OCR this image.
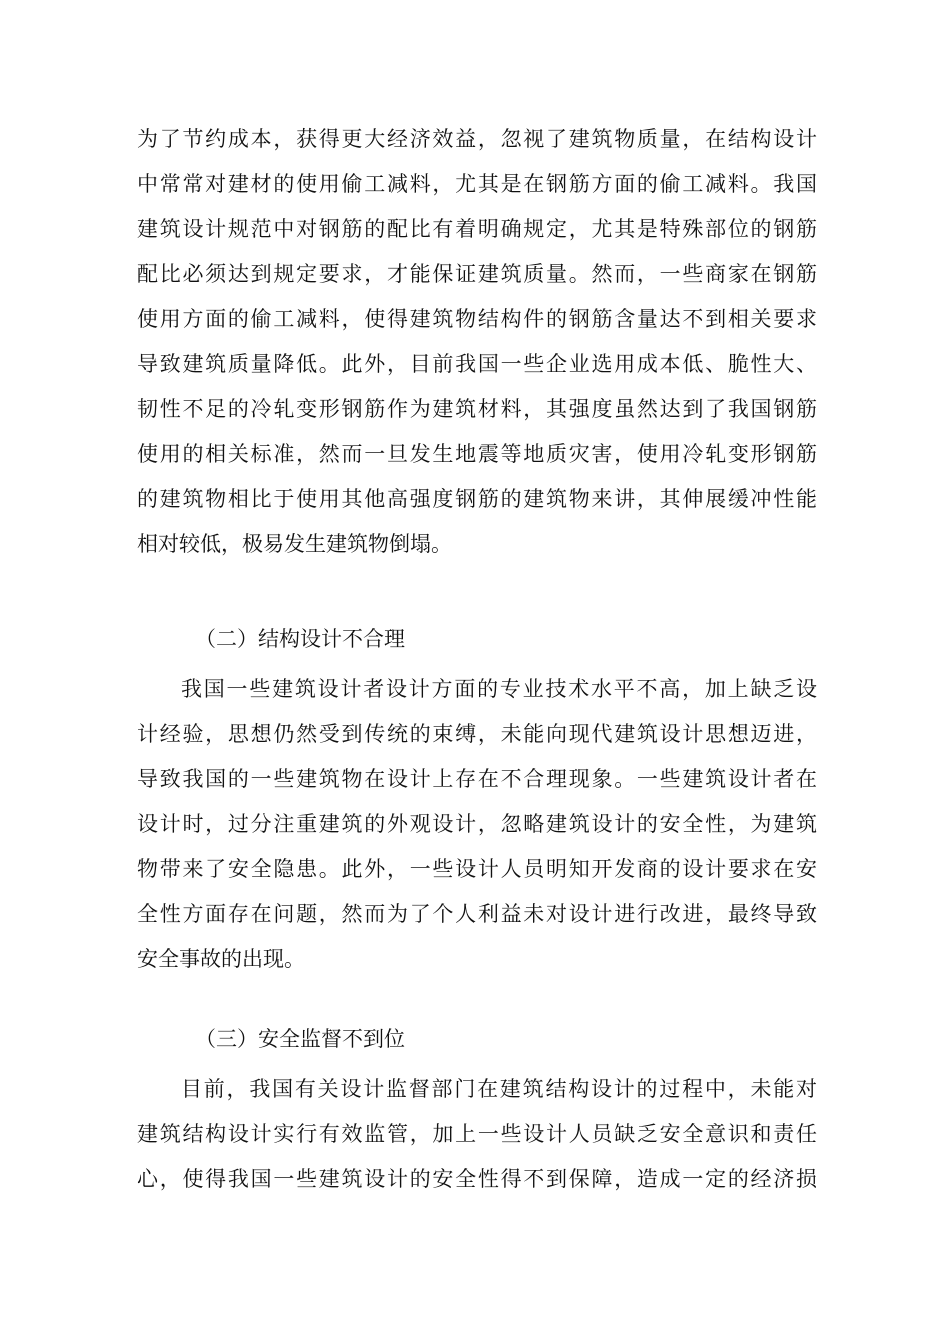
为了节约成本，获得更大经济效益，忽视了建筑物质量，在结构设计
中常常对建材的使用偷工减料，尤其是在钢筋方面的偷工减料。我国
建筑设计规范中对钢筋的配比有着明确规定，尤其是特殊部位的钢筋
配比必须达到规定要求，才能保证建筑质量。然而，一些商家在钢筋
使用方面的偷工减料，使得建筑物结构件的钢筋含量达不到相关要求
导致建筑质量降低。此外，目前我国一些企业选用成本低、脆性大、
韧性不足的冷轧变形钢筋作为建筑材料，其强度虽然达到了我国钢筋
使用的相关标准，然而一旦发生地震等地质灾害，使用冷轧变形钢筋
的建筑物相比于使用其他高强度钢筋的建筑物来讲，其伸展缓冲性能
相对较低，极易发生建筑物倒塌。
（二）结构设计不合理
我国一些建筑设计者设计方面的专业技术水平不高，加上缺乏设
计经验，思想仍然受到传统的束缚，未能向现代建筑设计思想迈进，
导致我国的一些建筑物在设计上存在不合理现象。一些建筑设计者在
设计时，过分注重建筑的外观设计，忽略建筑设计的安全性，为建筑
物带来了安全隐患。此外，一些设计人员明知开发商的设计要求在安
全性方面存在问题，然而为了个人利益未对设计进行改进，最终导致
安全事故的出现。
（三）安全监督不到位
目前，我国有关设计监督部门在建筑结构设计的过程中，未能对
建筑结构设计实行有效监管，加上一些设计人员缺乏安全意识和责任
心，使得我国一些建筑设计的安全性得不到保障，造成一定的经济损
